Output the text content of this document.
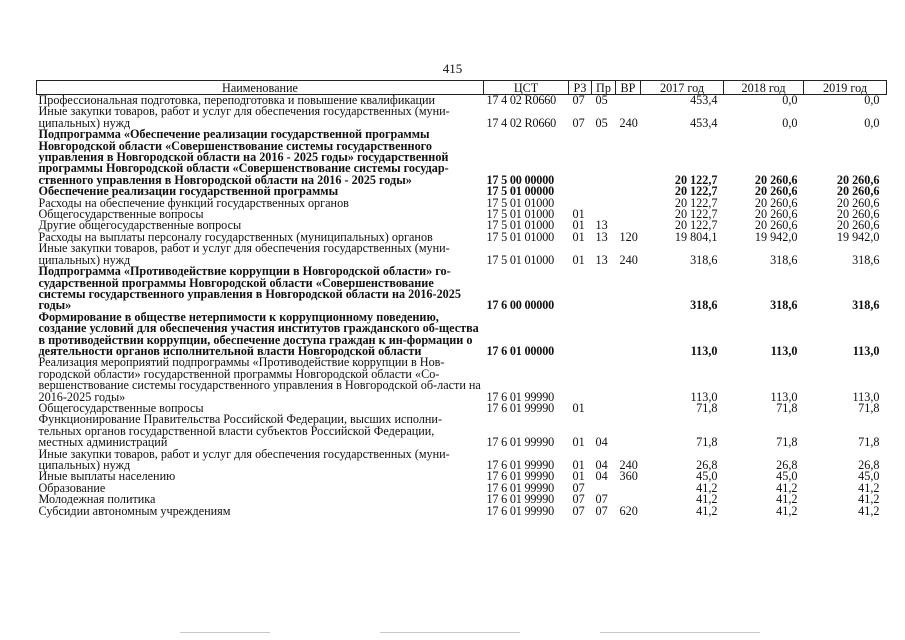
415
Наименование	ЦСТ	РЗ	Пр	ВР	2017 год	2018 год	2019 год
Профессиональная подготовка, переподготовка и повышение квалификации	17 4 02 R0660	07	05		453,4	0,0	0,0
Иные закупки товаров, работ и услуг для обеспечения государственных (муни-ципальных) нужд	17 4 02 R0660	07	05	240	453,4	0,0	0,0
Подпрограмма «Обеспечение реализации государственной программы Новгородской области «Совершенствование системы государственного управления в Новгородской области на 2016 - 2025 годы» государственной программы Новгородской области «Совершенствование системы государ-ственного управления в Новгородской области на 2016 - 2025 годы»	17 5 00 00000				20 122,7	20 260,6	20 260,6
Обеспечение реализации государственной программы	17 5 01 00000				20 122,7	20 260,6	20 260,6
Расходы на обеспечение функций государственных органов	17 5 01 01000				20 122,7	20 260,6	20 260,6
Общегосударственные вопросы	17 5 01 01000	01			20 122,7	20 260,6	20 260,6
Другие общегосударственные вопросы	17 5 01 01000	01	13		20 122,7	20 260,6	20 260,6
Расходы на выплаты персоналу государственных (муниципальных) органов	17 5 01 01000	01	13	120	19 804,1	19 942,0	19 942,0
Иные закупки товаров, работ и услуг для обеспечения государственных (муни-ципальных) нужд	17 5 01 01000	01	13	240	318,6	318,6	318,6
Подпрограмма «Противодействие коррупции в Новгородской области» го-сударственной программы Новгородской области «Совершенствование системы государственного управления в Новгородской области на 2016-2025 годы»	17 6 00 00000				318,6	318,6	318,6
Формирование в обществе нетерпимости к коррупционному поведению, создание условий для обеспечения участия институтов гражданского об-щества в противодействии коррупции, обеспечение доступа граждан к ин-формации о деятельности органов исполнительной власти Новгородской области	17 6 01 00000				113,0	113,0	113,0
Реализация мероприятий подпрограммы «Противодействие коррупции в Нов-городской области» государственной программы Новгородской области «Со-вершенствование системы государственного управления в Новгородской об-ласти на 2016-2025 годы»	17 6 01 99990				113,0	113,0	113,0
Общегосударственные вопросы	17 6 01 99990	01			71,8	71,8	71,8
Функционирование Правительства Российской Федерации, высших исполни-тельных органов государственной власти субъектов Российской Федерации, местных администраций	17 6 01 99990	01	04		71,8	71,8	71,8
Иные закупки товаров, работ и услуг для обеспечения государственных (муни-ципальных) нужд	17 6 01 99990	01	04	240	26,8	26,8	26,8
Иные выплаты населению	17 6 01 99990	01	04	360	45,0	45,0	45,0
Образование	17 6 01 99990	07			41,2	41,2	41,2
Молодежная политика	17 6 01 99990	07	07		41,2	41,2	41,2
Субсидии автономным учреждениям	17 6 01 99990	07	07	620	41,2	41,2	41,2
